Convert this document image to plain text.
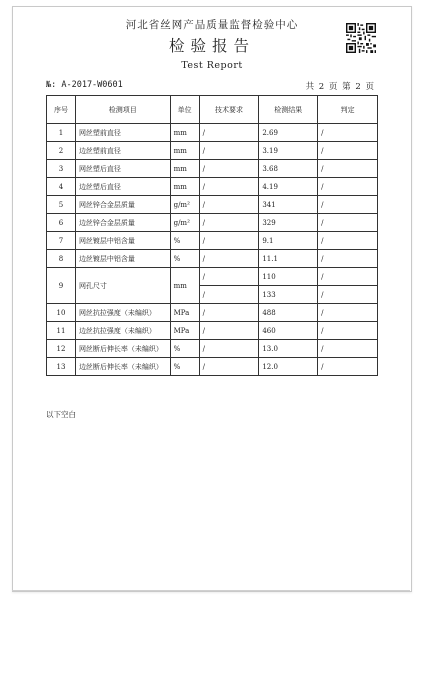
河北省丝网产品质量监督检验中心
检验报告
Test Report
№: A-2017-W0601	共 2 页 第 2 页
序号	检测项目	单位	技术要求	检测结果	判定
1	网丝塑前直径	mm	/	2.69	/
2	边丝塑前直径	mm	/	3.19	/
3	网丝塑后直径	mm	/	3.68	/
4	边丝塑后直径	mm	/	4.19	/
5	网丝锌合金层质量	g/m²	/	341	/
6	边丝锌合金层质量	g/m²	/	329	/
7	网丝镀层中铝含量	%	/	9.1	/
8	边丝镀层中铝含量	%	/	11.1	/
9	网孔尺寸	mm	/	110	/
			/	133	/
10	网丝抗拉强度（未编织）	MPa	/	488	/
11	边丝抗拉强度（未编织）	MPa	/	460	/
12	网丝断后伸长率（未编织）	%	/	13.0	/
13	边丝断后伸长率（未编织）	%	/	12.0	/
以下空白
